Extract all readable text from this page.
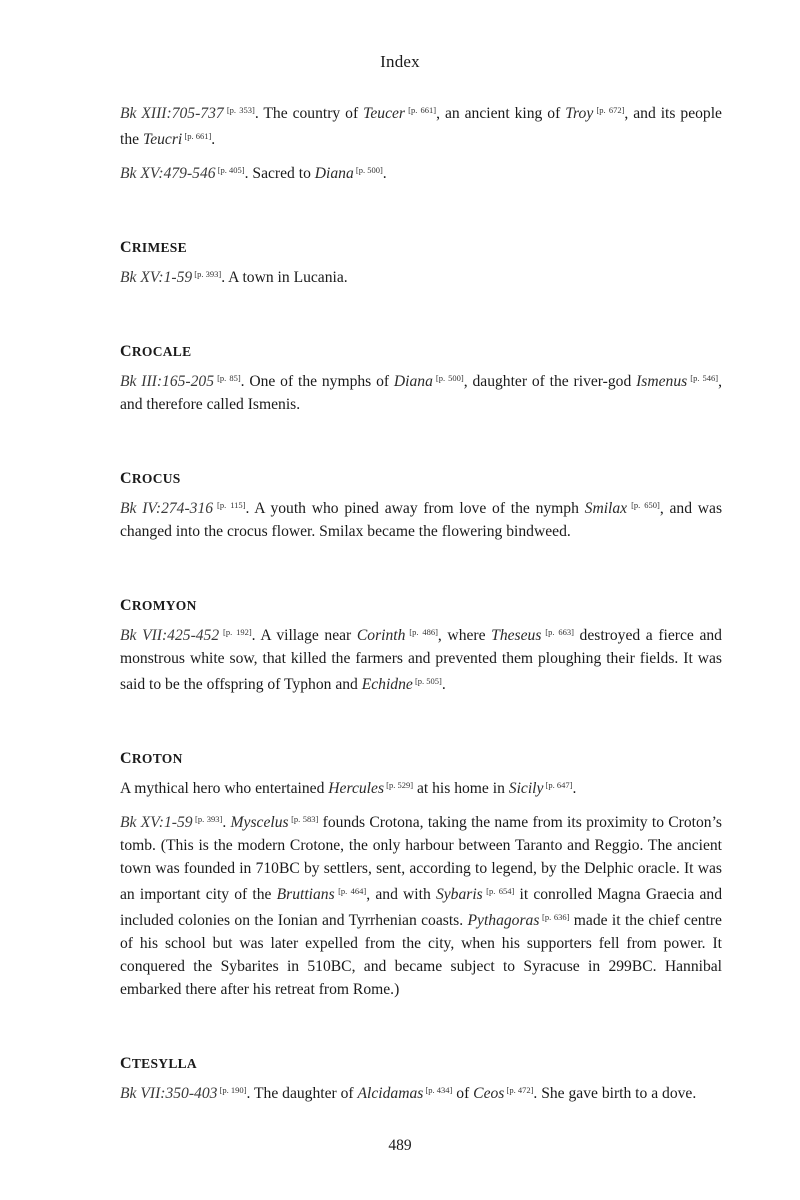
Index

Bk XIII:705-737 [p. 353]. The country of Teucer [p. 661], an ancient king of Troy [p. 672], and its people the Teucri [p. 661].

Bk XV:479-546 [p. 405]. Sacred to Diana [p. 500].

CRIMESE

Bk XV:1-59 [p. 393]. A town in Lucania.

CROCALE

Bk III:165-205 [p. 85]. One of the nymphs of Diana [p. 500], daughter of the river-god Ismenus [p. 546], and therefore called Ismenis.

CROCUS

Bk IV:274-316 [p. 115]. A youth who pined away from love of the nymph Smilax [p. 650], and was changed into the crocus flower. Smilax became the flowering bindweed.

CROMYON

Bk VII:425-452 [p. 192]. A village near Corinth [p. 486], where Theseus [p. 663] destroyed a fierce and monstrous white sow, that killed the farmers and prevented them ploughing their fields. It was said to be the offspring of Typhon and Echidne [p. 505].

CROTON

A mythical hero who entertained Hercules [p. 529] at his home in Sicily [p. 647].

Bk XV:1-59 [p. 393]. Myscelus [p. 583] founds Crotona, taking the name from its proximity to Croton’s tomb. (This is the modern Crotone, the only harbour between Taranto and Reggio. The ancient town was founded in 710BC by settlers, sent, according to legend, by the Delphic oracle. It was an important city of the Bruttians [p. 464], and with Sybaris [p. 654] it conrolled Magna Graecia and included colonies on the Ionian and Tyrrhenian coasts. Pythagoras [p. 636] made it the chief centre of his school but was later expelled from the city, when his supporters fell from power. It conquered the Sybarites in 510BC, and became subject to Syracuse in 299BC. Hannibal embarked there after his retreat from Rome.)

CTESYLLA

Bk VII:350-403 [p. 190]. The daughter of Alcidamas [p. 434] of Ceos [p. 472]. She gave birth to a dove.

489
